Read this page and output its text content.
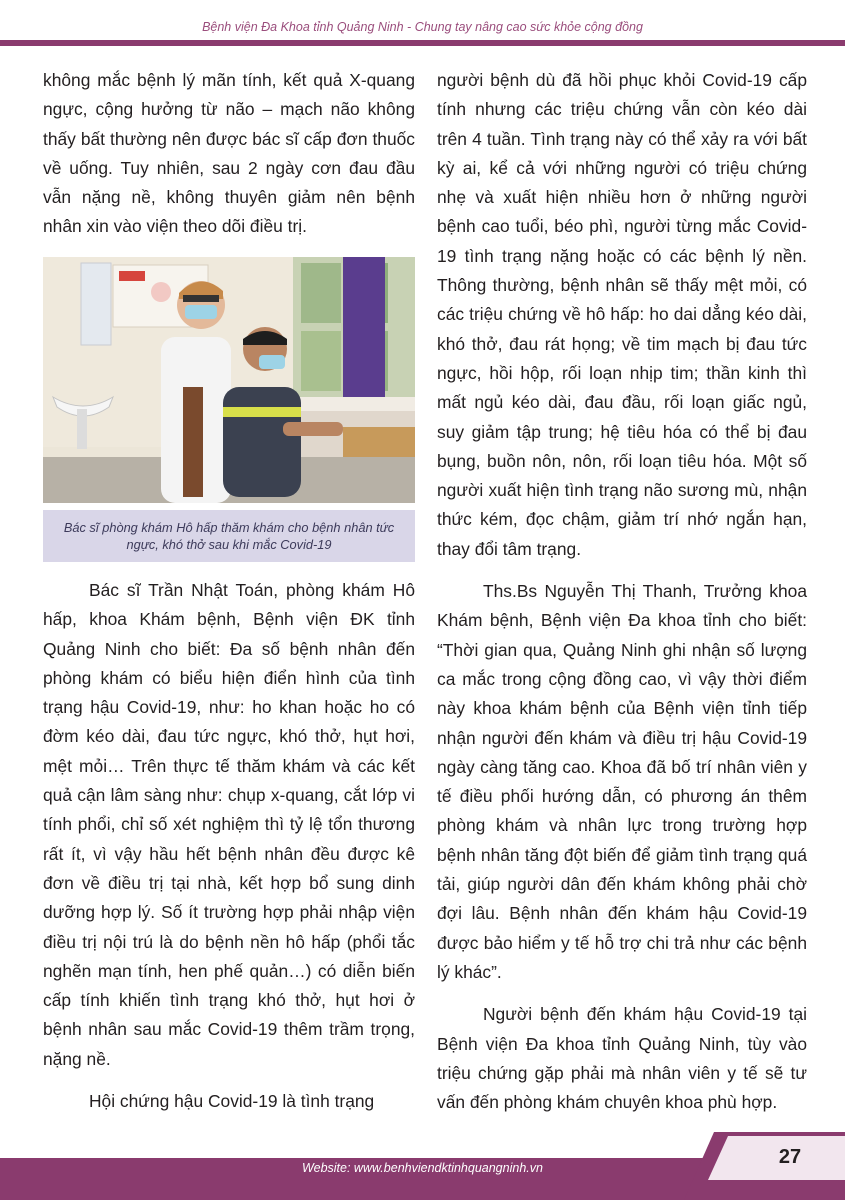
Bệnh viện Đa Khoa tỉnh Quảng Ninh - Chung tay nâng cao sức khỏe cộng đồng

không mắc bệnh lý mãn tính, kết quả X-quang ngực, cộng hưởng từ não – mạch não không thấy bất thường nên được bác sĩ cấp đơn thuốc về uống. Tuy nhiên, sau 2 ngày cơn đau đầu vẫn nặng nề, không thuyên giảm nên bệnh nhân xin vào viện theo dõi điều trị.

Bác sĩ phòng khám Hô hấp thăm khám cho bệnh nhân tức ngực, khó thở sau khi mắc Covid-19

Bác sĩ Trần Nhật Toán, phòng khám Hô hấp, khoa Khám bệnh, Bệnh viện ĐK tỉnh Quảng Ninh cho biết: Đa số bệnh nhân đến phòng khám có biểu hiện điển hình của tình trạng hậu Covid-19, như: ho khan hoặc ho có đờm kéo dài, đau tức ngực, khó thở, hụt hơi, mệt mỏi… Trên thực tế thăm khám và các kết quả cận lâm sàng như: chụp x-quang, cắt lớp vi tính phổi, chỉ số xét nghiệm thì tỷ lệ tổn thương rất ít, vì vậy hầu hết bệnh nhân đều được kê đơn về điều trị tại nhà, kết hợp bổ sung dinh dưỡng hợp lý. Số ít trường hợp phải nhập viện điều trị nội trú là do bệnh nền hô hấp (phổi tắc nghẽn mạn tính, hen phế quản…) có diễn biến cấp tính khiến tình trạng khó thở, hụt hơi ở bệnh nhân sau mắc Covid-19 thêm trầm trọng, nặng nề.

Hội chứng hậu Covid-19 là tình trạng

người bệnh dù đã hồi phục khỏi Covid-19 cấp tính nhưng các triệu chứng vẫn còn kéo dài trên 4 tuần. Tình trạng này có thể xảy ra với bất kỳ ai, kể cả với những người có triệu chứng nhẹ và xuất hiện nhiều hơn ở những người bệnh cao tuổi, béo phì, người từng mắc Covid-19 tình trạng nặng hoặc có các bệnh lý nền. Thông thường, bệnh nhân sẽ thấy mệt mỏi, có các triệu chứng về hô hấp: ho dai dẳng kéo dài, khó thở, đau rát họng; về tim mạch bị đau tức ngực, hồi hộp, rối loạn nhịp tim; thần kinh thì mất ngủ kéo dài, đau đầu, rối loạn giấc ngủ, suy giảm tập trung; hệ tiêu hóa có thể bị đau bụng, buồn nôn, nôn, rối loạn tiêu hóa. Một số người xuất hiện tình trạng não sương mù, nhận thức kém, đọc chậm, giảm trí nhớ ngắn hạn, thay đổi tâm trạng.

Ths.Bs Nguyễn Thị Thanh, Trưởng khoa Khám bệnh, Bệnh viện Đa khoa tỉnh cho biết: “Thời gian qua, Quảng Ninh ghi nhận số lượng ca mắc trong cộng đồng cao, vì vậy thời điểm này khoa khám bệnh của Bệnh viện tỉnh tiếp nhận người đến khám và điều trị hậu Covid-19 ngày càng tăng cao. Khoa đã bố trí nhân viên y tế điều phối hướng dẫn, có phương án thêm phòng khám và nhân lực trong trường hợp bệnh nhân tăng đột biến để giảm tình trạng quá tải, giúp người dân đến khám không phải chờ đợi lâu. Bệnh nhân đến khám hậu Covid-19 được bảo hiểm y tế hỗ trợ chi trả như các bệnh lý khác”.

Người bệnh đến khám hậu Covid-19 tại Bệnh viện Đa khoa tỉnh Quảng Ninh, tùy vào triệu chứng gặp phải mà nhân viên y tế sẽ tư vấn đến phòng khám chuyên khoa phù hợp.

Website: www.benhviendktinhquangninh.vn	27
